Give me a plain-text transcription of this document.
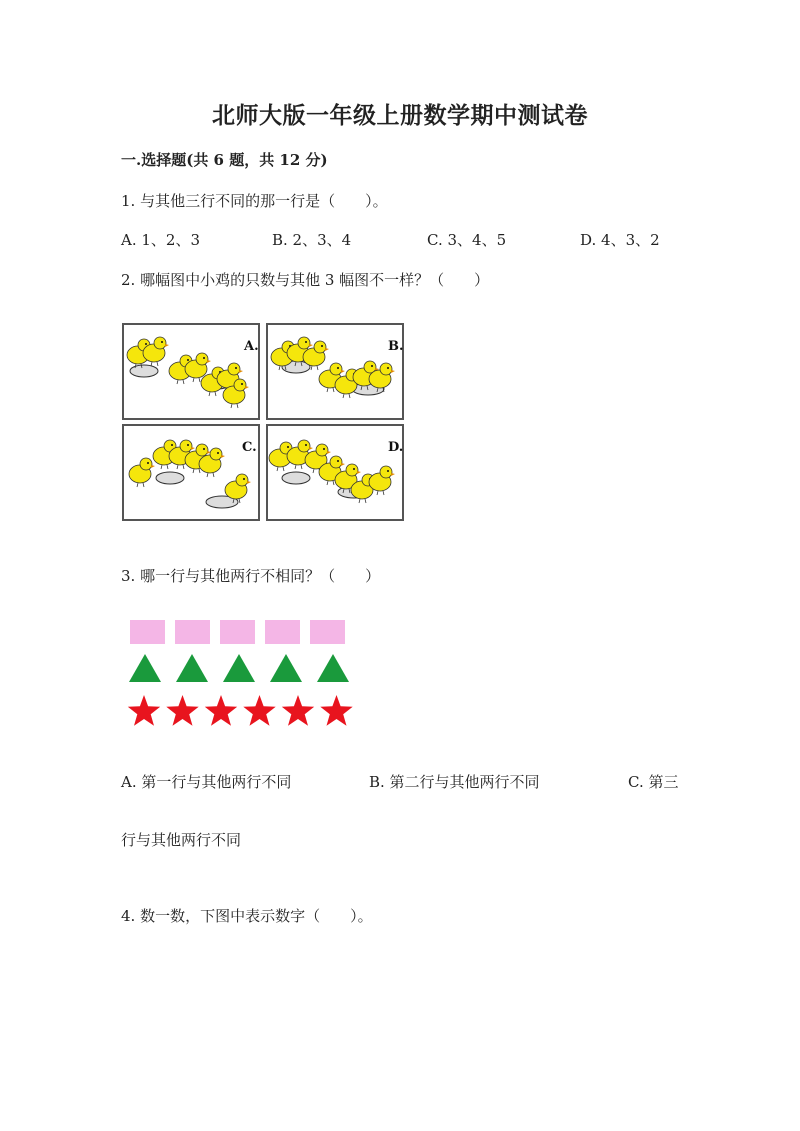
北师大版一年级上册数学期中测试卷
一.选择题(共 6 题，共 12 分)
1. 与其他三行不同的那一行是（　　）。
A. 1、2、3	B. 2、3、4	C. 3、4、5	D. 4、3、2
2. 哪幅图中小鸡的只数与其他 3 幅图不一样？（　　）
A.	B.
C.	D.
3. 哪一行与其他两行不相同？（　　）
A. 第一行与其他两行不同	B. 第二行与其他两行不同	C. 第三
行与其他两行不同
4. 数一数，下图中表示数字（　　）。
